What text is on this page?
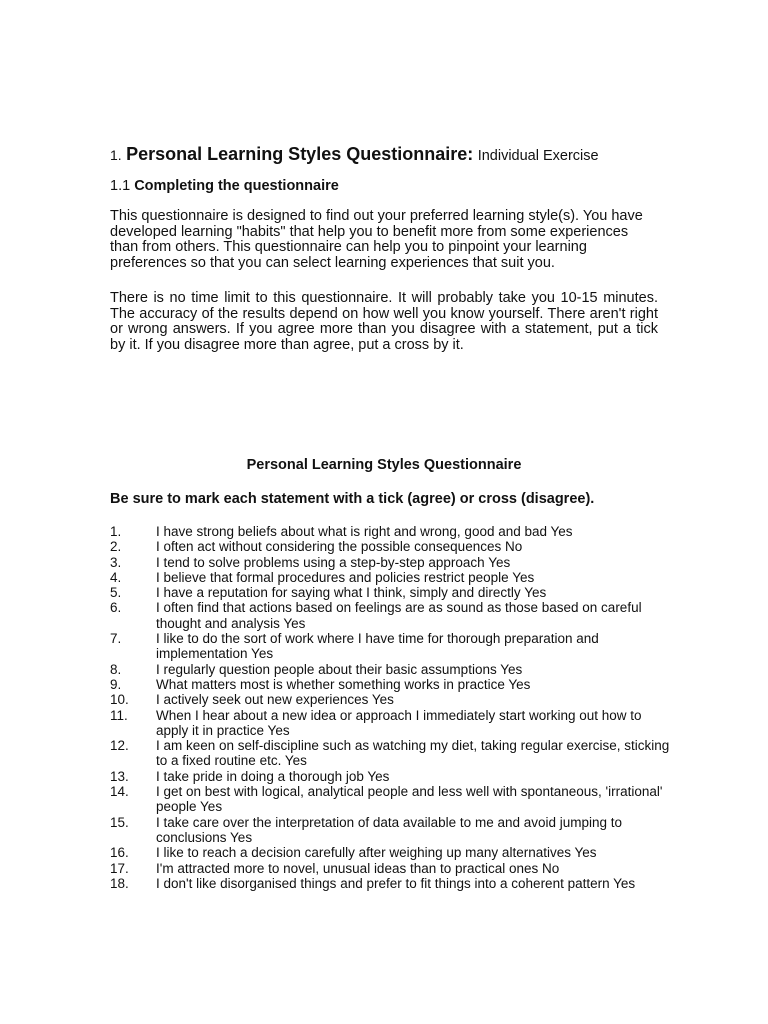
1. Personal Learning Styles Questionnaire: Individual Exercise
1.1 Completing the questionnaire
This questionnaire is designed to find out your preferred learning style(s). You have developed learning "habits" that help you to benefit more from some experiences than from others. This questionnaire can help you to pinpoint your learning preferences so that you can select learning experiences that suit you.
There is no time limit to this questionnaire. It will probably take you 10-15 minutes. The accuracy of the results depend on how well you know yourself. There aren't right or wrong answers. If you agree more than you disagree with a statement, put a tick by it. If you disagree more than agree, put a cross by it.
Personal Learning Styles Questionnaire
Be sure to mark each statement with a tick (agree) or cross (disagree).
1.	I have strong beliefs about what is right and wrong, good and bad Yes
2.	I often act without considering the possible consequences No
3.	I tend to solve problems using a step-by-step approach Yes
4.	I believe that formal procedures and policies restrict people Yes
5.	I have a reputation for saying what I think, simply and directly Yes
6.	I often find that actions based on feelings are as sound as those based on careful thought and analysis Yes
7.	I like to do the sort of work where I have time for thorough preparation and implementation Yes
8.	I regularly question people about their basic assumptions Yes
9.	What matters most is whether something works in practice Yes
10. I actively seek out new experiences Yes
11. When I hear about a new idea or approach I immediately start working out how to apply it in practice Yes
12. I am keen on self-discipline such as watching my diet, taking regular exercise, sticking to a fixed routine etc. Yes
13. I take pride in doing a thorough job Yes
14. I get on best with logical, analytical people and less well with spontaneous, 'irrational' people Yes
15. I take care over the interpretation of data available to me and avoid jumping to conclusions Yes
16. I like to reach a decision carefully after weighing up many alternatives Yes
17. I'm attracted more to novel, unusual ideas than to practical ones No
18. I don't like disorganised things and prefer to fit things into a coherent pattern Yes
